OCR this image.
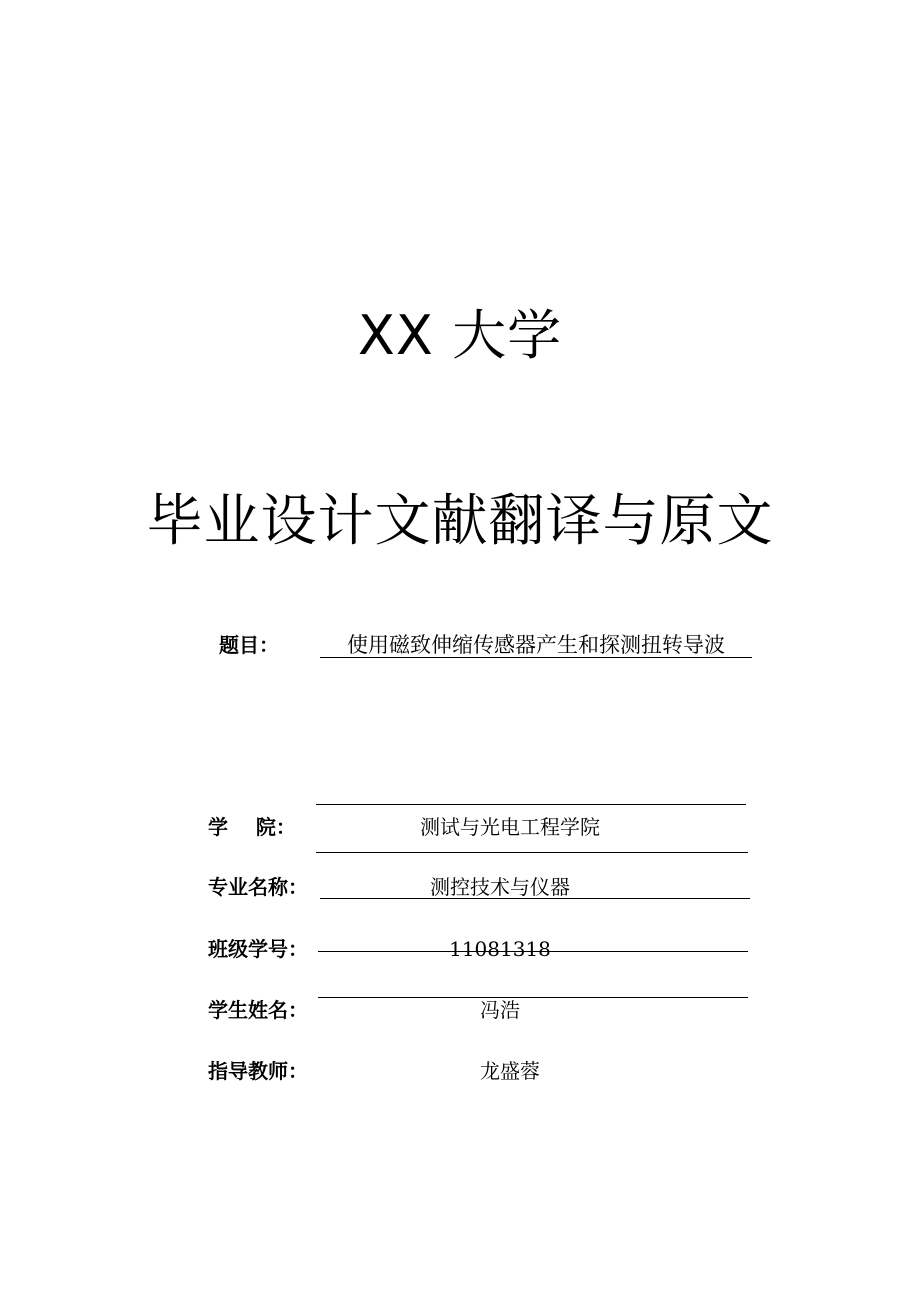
XX 大学
毕业设计文献翻译与原文
题目：	使用磁致伸缩传感器产生和探测扭转导波
学    院：	测试与光电工程学院
专业名称：	测控技术与仪器
班级学号：	11081318
学生姓名：	冯浩
指导教师：	龙盛蓉
